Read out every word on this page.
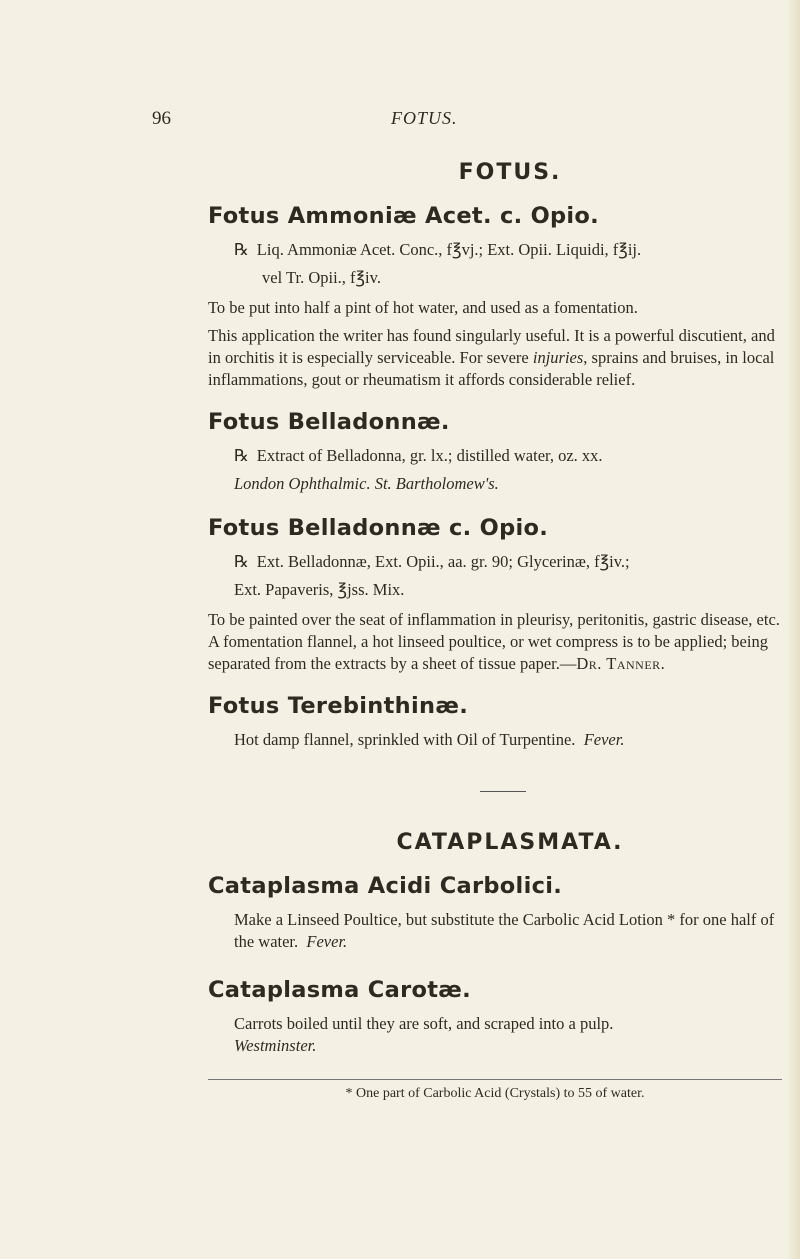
96	FOTUS.
FOTUS.
Fotus Ammoniæ Acet. c. Opio.
℞ Liq. Ammoniæ Acet. Conc., f℥vj.; Ext. Opii. Liquidi, f℥ij.
vel Tr. Opii., f℥iv.
To be put into half a pint of hot water, and used as a fomentation.
This application the writer has found singularly useful. It is a powerful discutient, and in orchitis it is especially serviceable. For severe injuries, sprains and bruises, in local inflammations, gout or rheumatism it affords considerable relief.
Fotus Belladonnæ.
℞ Extract of Belladonna, gr. lx.; distilled water, oz. xx.
London Ophthalmic. St. Bartholomew's.
Fotus Belladonnæ c. Opio.
℞ Ext. Belladonnæ, Ext. Opii., aa. gr. 90; Glycerinæ, f℥iv.;
Ext. Papaveris, ℥jss. Mix.
To be painted over the seat of inflammation in pleurisy, peritonitis, gastric disease, etc. A fomentation flannel, a hot linseed poultice, or wet compress is to be applied; being separated from the extracts by a sheet of tissue paper.—Dr. Tanner.
Fotus Terebinthinæ.
Hot damp flannel, sprinkled with Oil of Turpentine. Fever.
CATAPLASMATA.
Cataplasma Acidi Carbolici.
Make a Linseed Poultice, but substitute the Carbolic Acid Lotion * for one half of the water. Fever.
Cataplasma Carotæ.
Carrots boiled until they are soft, and scraped into a pulp.
Westminster.
* One part of Carbolic Acid (Crystals) to 55 of water.
